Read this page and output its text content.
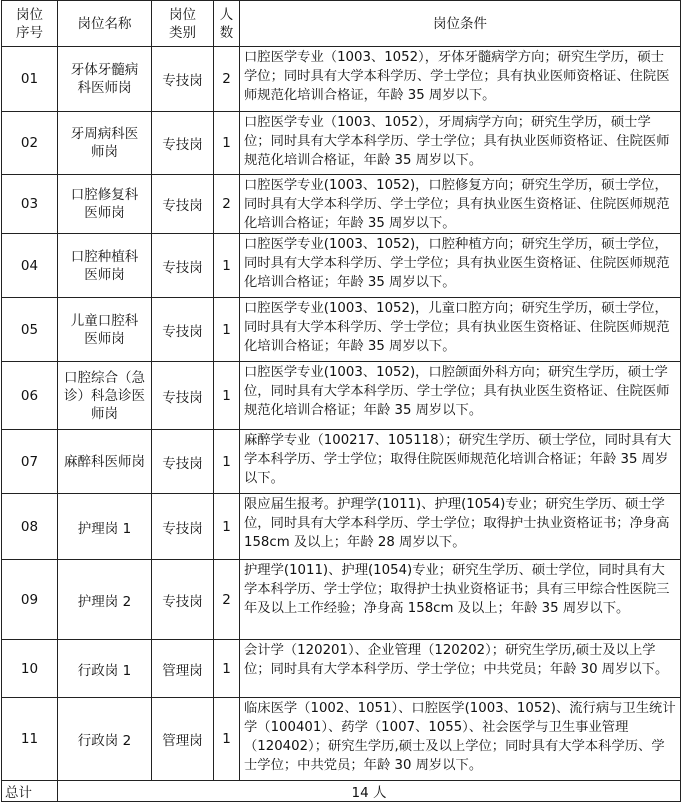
岗位序号	岗位名称	岗位类别	人数	岗位条件
01	牙体牙髓病科医师岗	专技岗	2	口腔医学专业（1003、1052），牙体牙髓病学方向；研究生学历，硕士学位；同时具有大学本科学历、学士学位；具有执业医师资格证、住院医师规范化培训合格证，年龄 35 周岁以下。
02	牙周病科医师岗	专技岗	1	口腔医学专业（1003、1052），牙周病学方向；研究生学历，硕士学位；同时具有大学本科学历、学士学位；具有执业医师资格证、住院医师规范化培训合格证，年龄 35 周岁以下。
03	口腔修复科医师岗	专技岗	2	口腔医学专业(1003、1052)，口腔修复方向；研究生学历，硕士学位，同时具有大学本科学历、学士学位；具有执业医生资格证、住院医师规范化培训合格证；年龄 35 周岁以下。
04	口腔种植科医师岗	专技岗	1	口腔医学专业(1003、1052)，口腔种植方向；研究生学历，硕士学位，同时具有大学本科学历、学士学位；具有执业医生资格证、住院医师规范化培训合格证；年龄 35 周岁以下。
05	儿童口腔科医师岗	专技岗	1	口腔医学专业(1003、1052)，儿童口腔方向；研究生学历，硕士学位，同时具有大学本科学历、学士学位；具有执业医生资格证、住院医师规范化培训合格证；年龄 35 周岁以下。
06	口腔综合（急诊）科急诊医师岗	专技岗	1	口腔医学专业(1003、1052)，口腔颌面外科方向；研究生学历，硕士学位，同时具有大学本科学历、学士学位；具有执业医生资格证、住院医师规范化培训合格证；年龄 35 周岁以下。
07	麻醉科医师岗	专技岗	1	麻醉学专业（100217、105118）；研究生学历、硕士学位，同时具有大学本科学历、学士学位；取得住院医师规范化培训合格证；年龄 35 周岁以下。
08	护理岗 1	专技岗	1	限应届生报考。护理学(1011)、护理(1054)专业；研究生学历、硕士学位，同时具有大学本科学历、学士学位；取得护士执业资格证书；净身高 158cm 及以上；年龄 28 周岁以下。
09	护理岗 2	专技岗	2	护理学(1011)、护理(1054)专业；研究生学历、硕士学位，同时具有大学本科学历、学士学位；取得护士执业资格证书；具有三甲综合性医院三年及以上工作经验；净身高 158cm 及以上；年龄 35 周岁以下。
10	行政岗 1	管理岗	1	会计学（120201）、企业管理（120202）；研究生学历,硕士及以上学位；同时具有大学本科学历、学士学位；中共党员；年龄 30 周岁以下。
11	行政岗 2	管理岗	1	临床医学（1002、1051）、口腔医学(1003、1052)、流行病与卫生统计学（100401）、药学（1007、1055）、社会医学与卫生事业管理（120402）；研究生学历,硕士及以上学位；同时具有大学本科学历、学士学位；中共党员；年龄 30 周岁以下。
总计	14 人			
